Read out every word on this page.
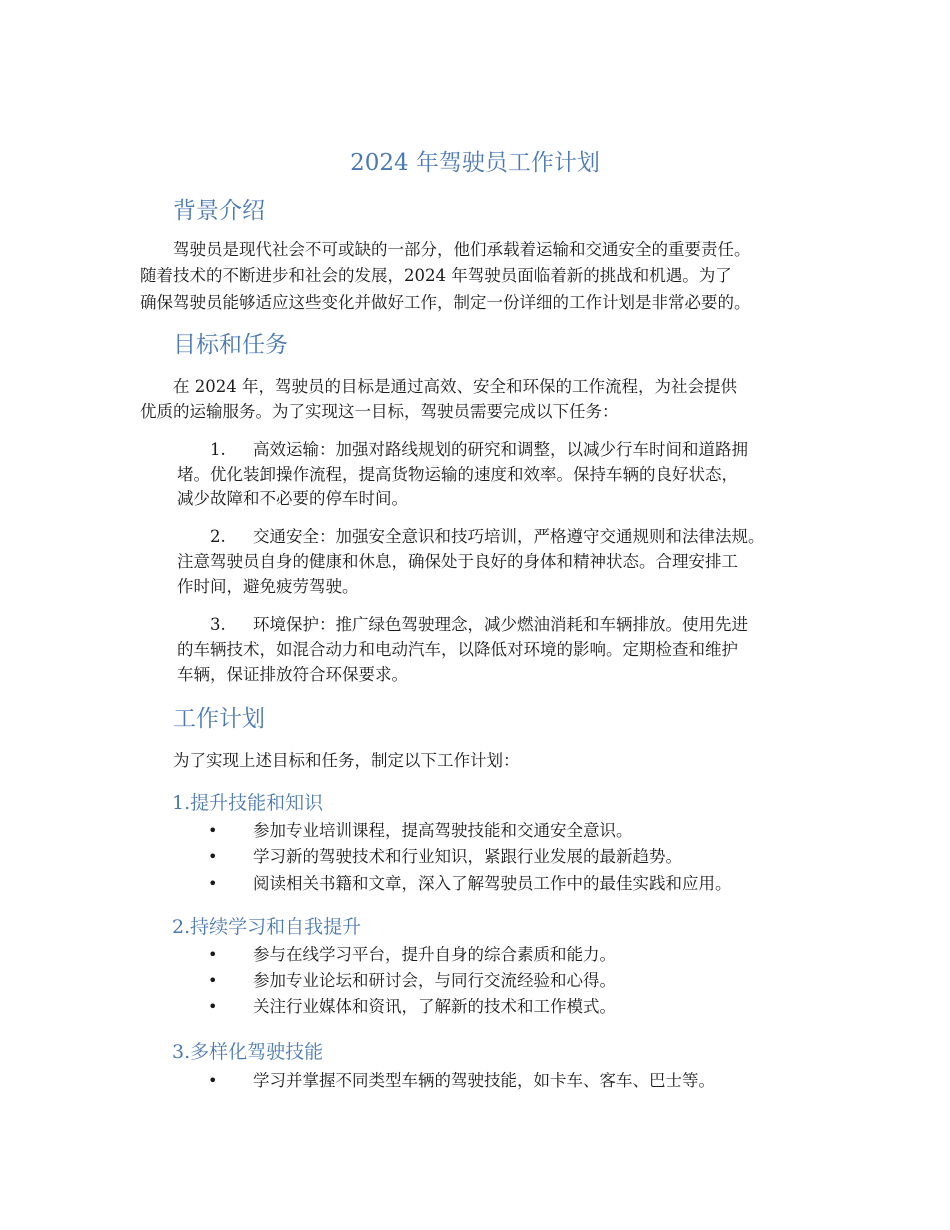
2024 年驾驶员工作计划
背景介绍

驾驶员是现代社会不可或缺的一部分，他们承载着运输和交通安全的重要责任。

随着技术的不断进步和社会的发展，2024 年驾驶员面临着新的挑战和机遇。为了

确保驾驶员能够适应这些变化并做好工作，制定一份详细的工作计划是非常必要的。

目标和任务

在 2024 年，驾驶员的目标是通过高效、安全和环保的工作流程，为社会提供

优质的运输服务。为了实现这一目标，驾驶员需要完成以下任务：

1. 高效运输：加强对路线规划的研究和调整，以减少行车时间和道路拥

堵。优化装卸操作流程，提高货物运输的速度和效率。保持车辆的良好状态，

减少故障和不必要的停车时间。

2. 交通安全：加强安全意识和技巧培训，严格遵守交通规则和法律法规。

注意驾驶员自身的健康和休息，确保处于良好的身体和精神状态。合理安排工

作时间，避免疲劳驾驶。

3. 环境保护：推广绿色驾驶理念，减少燃油消耗和车辆排放。使用先进

的车辆技术，如混合动力和电动汽车，以降低对环境的影响。定期检查和维护

车辆，保证排放符合环保要求。

工作计划

为了实现上述目标和任务，制定以下工作计划：

1.提升技能和知识
• 参加专业培训课程，提高驾驶技能和交通安全意识。

• 学习新的驾驶技术和行业知识，紧跟行业发展的最新趋势。

• 阅读相关书籍和文章，深入了解驾驶员工作中的最佳实践和应用。

2.持续学习和自我提升
• 参与在线学习平台，提升自身的综合素质和能力。

• 参加专业论坛和研讨会，与同行交流经验和心得。

• 关注行业媒体和资讯，了解新的技术和工作模式。

3.多样化驾驶技能
• 学习并掌握不同类型车辆的驾驶技能，如卡车、客车、巴士等。
